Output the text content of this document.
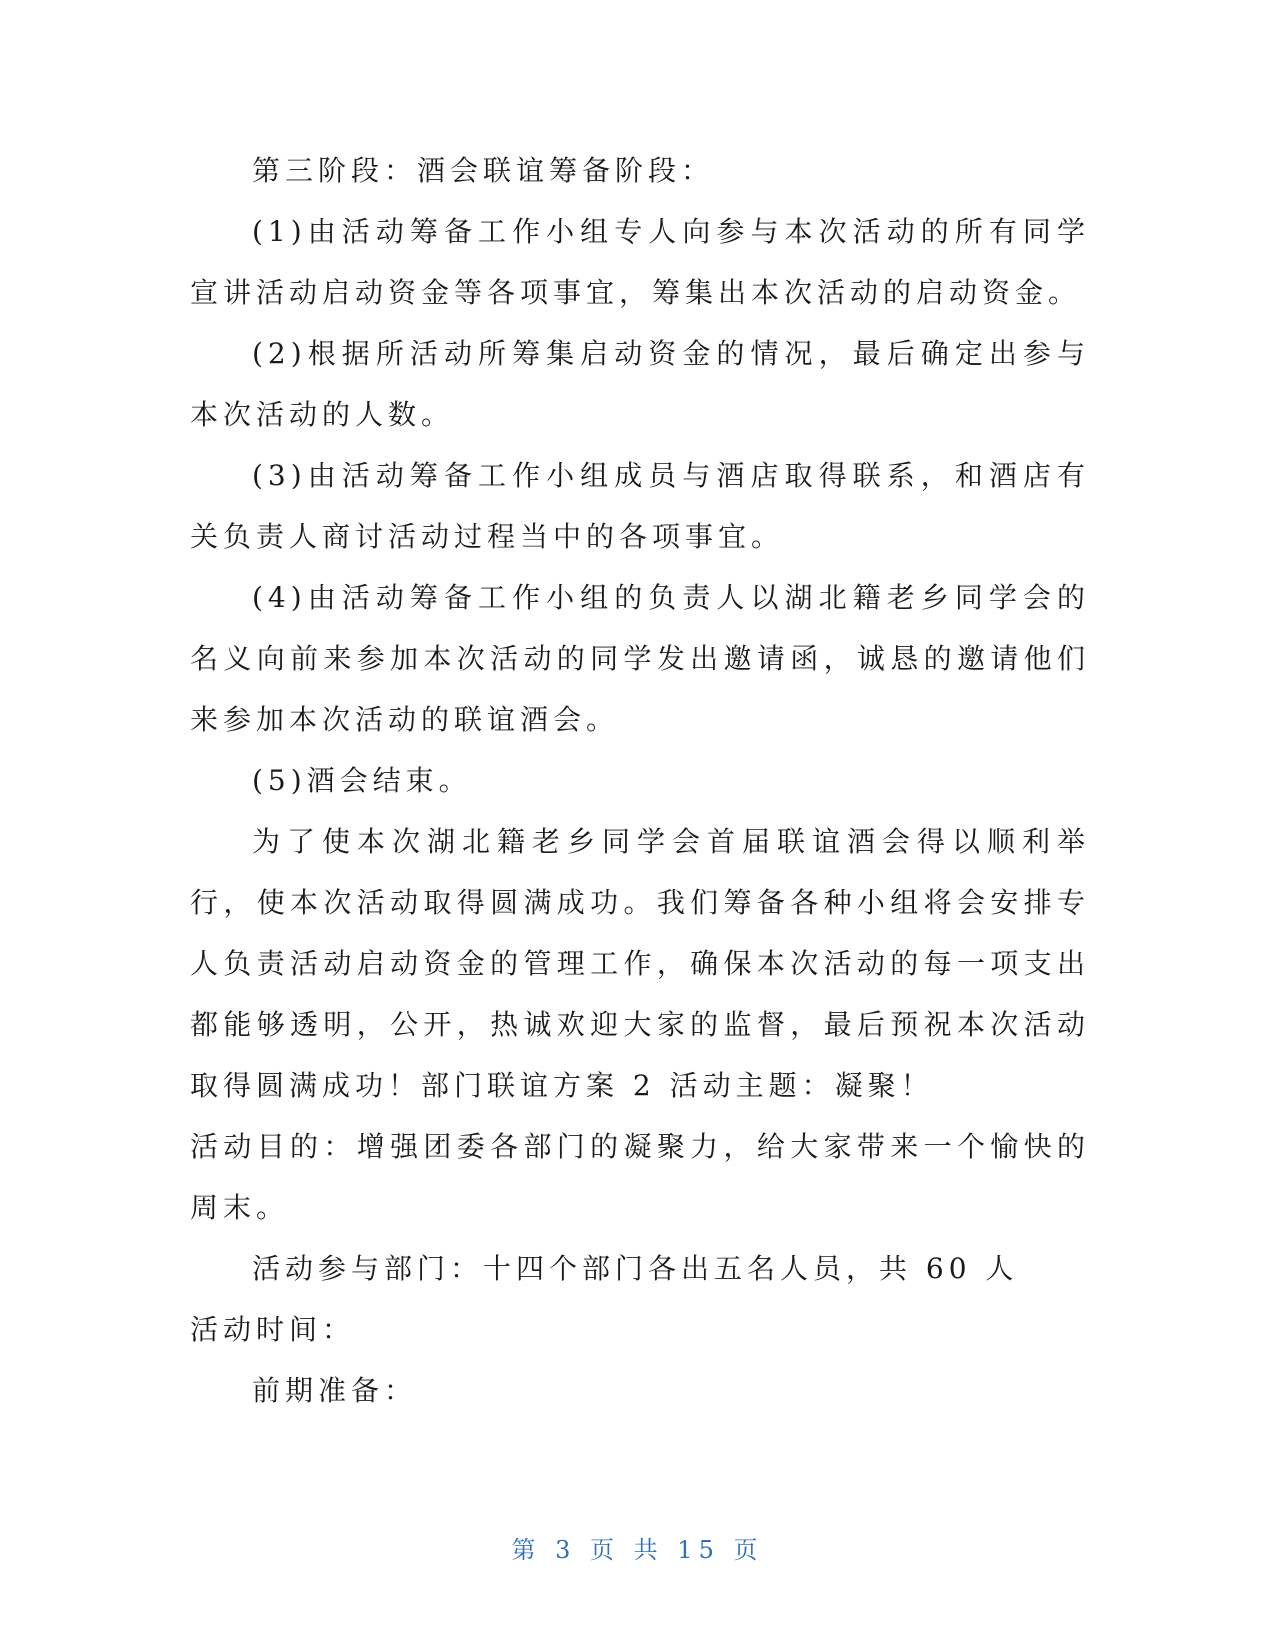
第三阶段：酒会联谊筹备阶段：

(1)由活动筹备工作小组专人向参与本次活动的所有同学宣讲活动启动资金等各项事宜，筹集出本次活动的启动资金。

(2)根据所活动所筹集启动资金的情况，最后确定出参与本次活动的人数。

(3)由活动筹备工作小组成员与酒店取得联系，和酒店有关负责人商讨活动过程当中的各项事宜。

(4)由活动筹备工作小组的负责人以湖北籍老乡同学会的名义向前来参加本次活动的同学发出邀请函，诚恳的邀请他们来参加本次活动的联谊酒会。

(5)酒会结束。

为了使本次湖北籍老乡同学会首届联谊酒会得以顺利举行，使本次活动取得圆满成功。我们筹备各种小组将会安排专人负责活动启动资金的管理工作，确保本次活动的每一项支出都能够透明，公开，热诚欢迎大家的监督，最后预祝本次活动取得圆满成功！部门联谊方案 2 活动主题：凝聚！

活动目的：增强团委各部门的凝聚力，给大家带来一个愉快的周末。

活动参与部门：十四个部门各出五名人员，共 60 人

活动时间：

前期准备：

第 3 页 共 15 页
